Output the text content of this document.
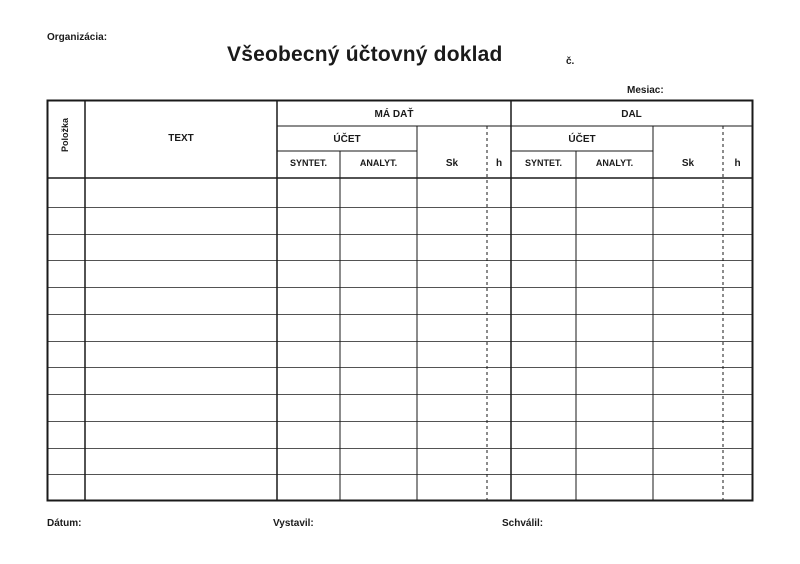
Organizácia:
Všeobecný účtovný doklad	č.
Mesiac:
Položka	TEXT
MÁ DAŤ
ÚČET
SYNTET.	ANALYT.	Sk	h
DAL
ÚČET
SYNTET.	ANALYT.	Sk	h
Dátum:	Vystavil:	Schválil:
